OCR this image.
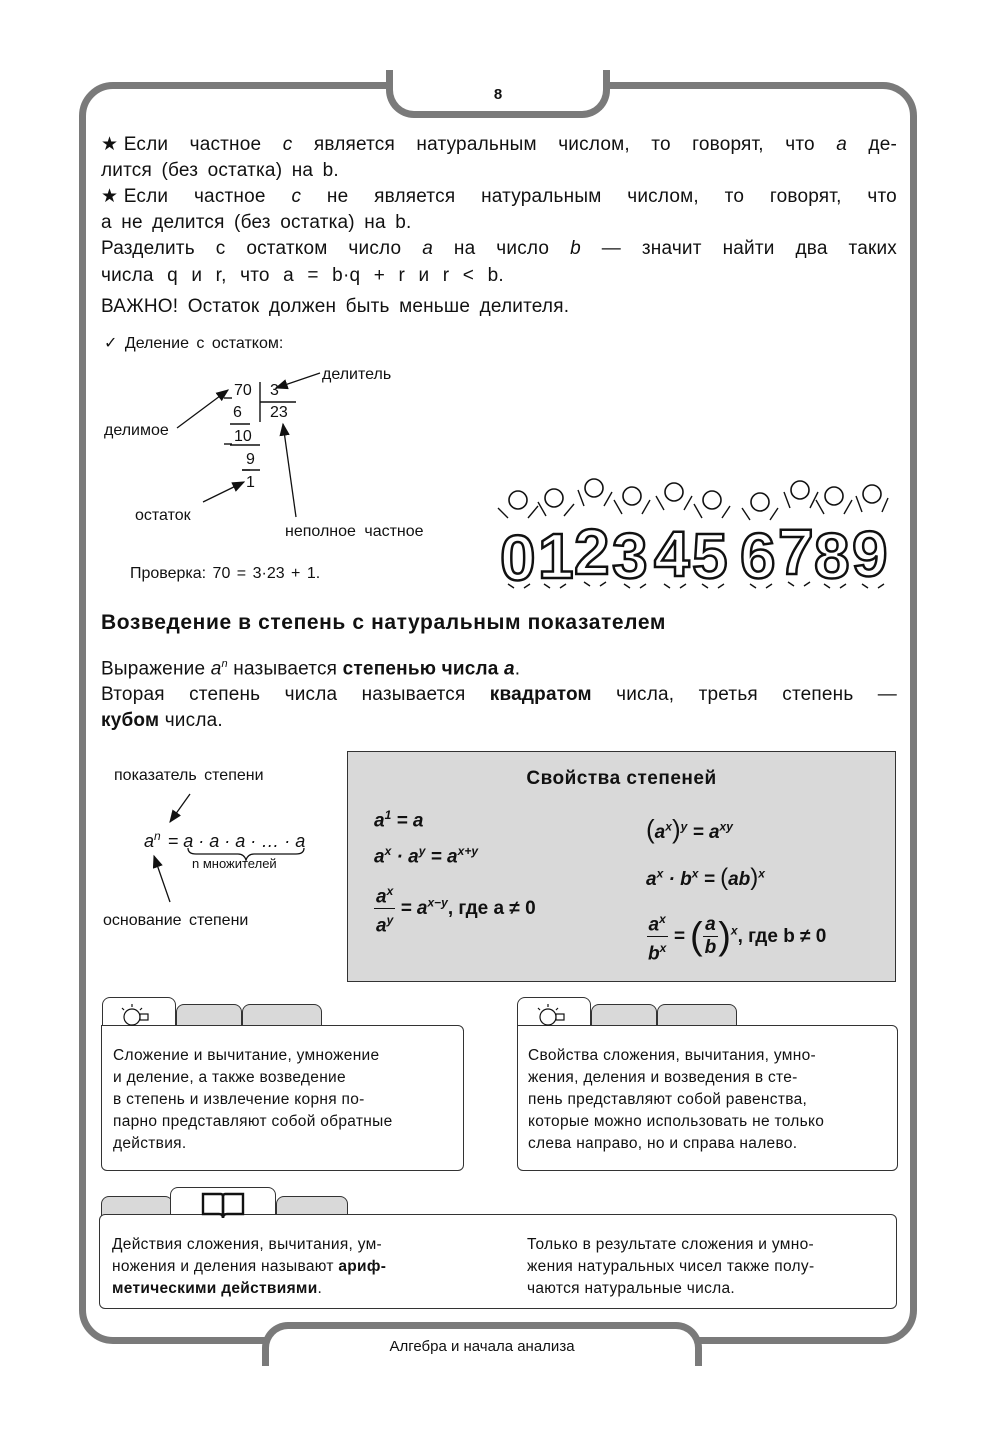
8
Алгебра и начала анализа
★ Если частное с является натуральным числом, то говорят, что а де-
лится (без остатка) на b.
★ Если частное с не является натуральным числом, то говорят, что
а не делится (без остатка) на b.
Разделить с остатком число а на число b — значит найти два таких
числа q и r, что a = b·q + r и r < b.
ВАЖНО! Остаток должен быть меньше делителя.
✓ Деление с остатком:
делитель
делимое
остаток
неполное частное
70 3
6 23
10
9
1
Проверка: 70 = 3·23 + 1.	0 1 2 3 4 5 6 7 8 9
Возведение в степень с натуральным показателем
Выражение $a^n$ называется степенью числа a.
Вторая степень числа называется квадратом числа, третья степень —
кубом числа.
показатель степени
основание степени
$a^n = a \cdot a \cdot a$ · … · a
n множителей
Свойства степеней
$a^1 = a$
$a^x \cdot a^y = a^{x+y}$
$\frac{a^x}{a^y} = a^{x-y}$, где a ≠ 0
$(a^x)^y = a^{xy}$
$a^x \cdot b^x = (ab)^x$
$\frac{a^x}{b^x}$ = ( $\frac{a}{b} )^x$, где b ≠ 0
Сложение и вычитание, умножение
и деление, а также возведение
в степень и извлечение корня по-
парно представляют собой обратные
действия.
Свойства сложения, вычитания, умно-
жения, деления и возведения в сте-
пень представляют собой равенства,
которые можно использовать не только
слева направо, но и справа налево.
Действия сложения, вычитания, ум-
ножения и деления называют ариф-
метическими действиями .
Только в результате сложения и умно-
жения натуральных чисел также полу-
чаются натуральные числа.
